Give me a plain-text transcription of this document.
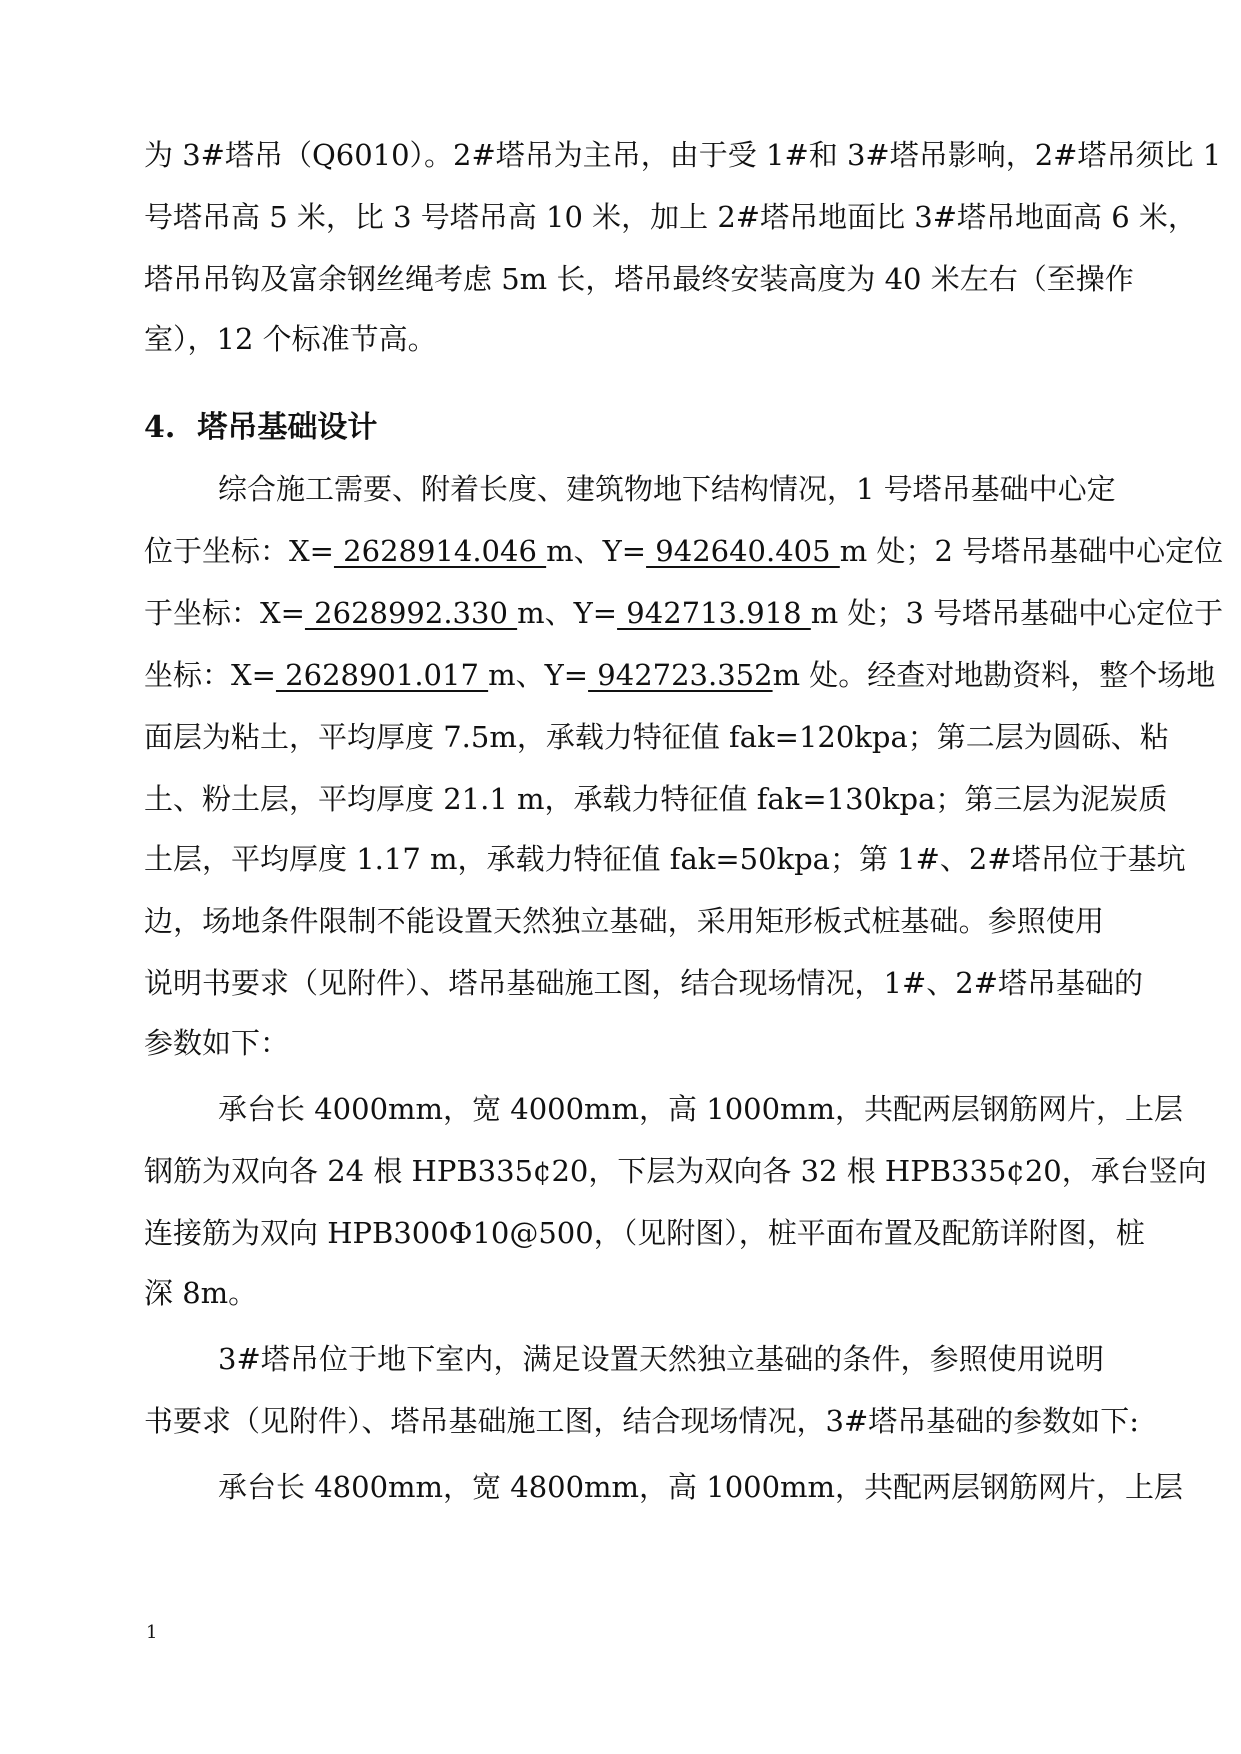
为 3#塔吊（Q6010）。2#塔吊为主吊，由于受 1#和 3#塔吊影响，2#塔吊须比 1
号塔吊高 5 米，比 3 号塔吊高 10 米，加上 2#塔吊地面比 3#塔吊地面高 6 米，
塔吊吊钩及富余钢丝绳考虑 5m 长，塔吊最终安装高度为 40 米左右（至操作
室），12 个标准节高。
4. 塔吊基础设计
综合施工需要、附着长度、建筑物地下结构情况，1 号塔吊基础中心定
位于坐标：X= 2628914.046 m、Y= 942640.405 m 处；2 号塔吊基础中心定位
于坐标：X= 2628992.330 m、Y= 942713.918 m 处；3 号塔吊基础中心定位于
坐标：X= 2628901.017 m、Y= 942723.352m 处。经查对地勘资料，整个场地
面层为粘土，平均厚度 7.5m，承载力特征值 fak=120kpa；第二层为圆砾、粘
土、粉土层，平均厚度 21.1 m，承载力特征值 fak=130kpa；第三层为泥炭质
土层，平均厚度 1.17 m，承载力特征值 fak=50kpa；第 1#、2#塔吊位于基坑
边，场地条件限制不能设置天然独立基础，采用矩形板式桩基础。参照使用
说明书要求（见附件）、塔吊基础施工图，结合现场情况，1#、2#塔吊基础的
参数如下：
承台长 4000mm，宽 4000mm，高 1000mm，共配两层钢筋网片，上层
钢筋为双向各 24 根 HPB335¢20，下层为双向各 32 根 HPB335¢20，承台竖向
连接筋为双向 HPB300Φ10@500，（见附图），桩平面布置及配筋详附图，桩
深 8m。
3#塔吊位于地下室内，满足设置天然独立基础的条件，参照使用说明
书要求（见附件）、塔吊基础施工图，结合现场情况，3#塔吊基础的参数如下:
承台长 4800mm，宽 4800mm，高 1000mm，共配两层钢筋网片，上层
1
